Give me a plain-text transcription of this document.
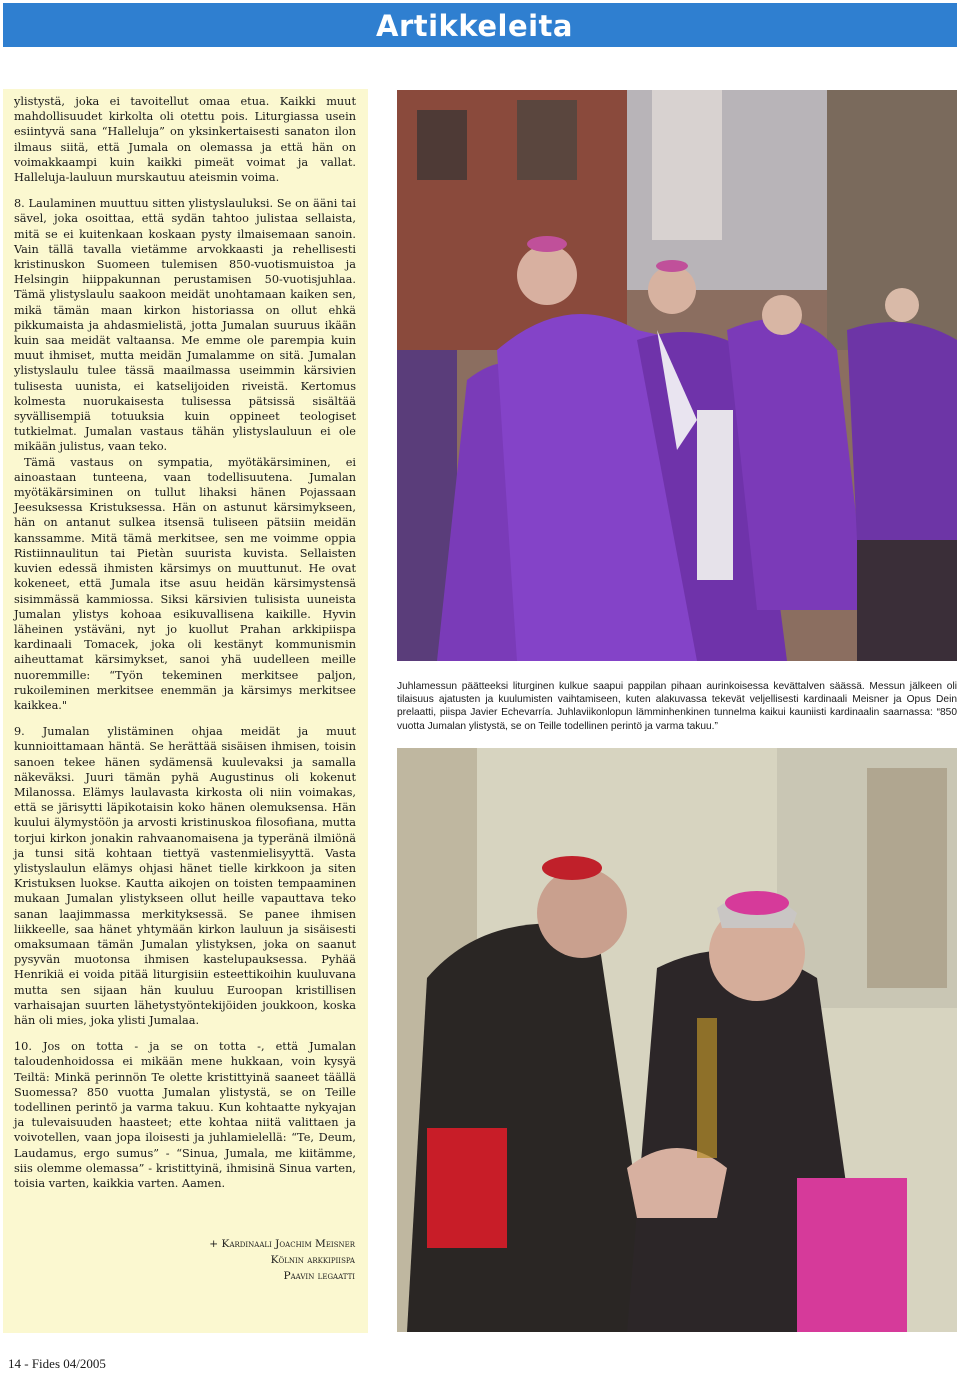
Artikkeleita

ylistystä, joka ei tavoitellut omaa etua. Kaikki muut mahdollisuudet kirkolta oli otettu pois. Liturgiassa usein esiintyvä sana “Halleluja” on yksinkertaisesti sanaton ilon ilmaus siitä, että Jumala on olemassa ja että hän on voimakkaampi kuin kaikki pimeät voimat ja vallat. Halleluja-lauluun murskautuu ateismin voima.

8. Laulaminen muuttuu sitten ylistyslauluksi. Se on ääni tai sävel, joka osoittaa, että sydän tahtoo julistaa sellaista, mitä se ei kuitenkaan koskaan pysty ilmaisemaan sanoin. Vain tällä tavalla vietämme arvokkaasti ja rehellisesti kristinuskon Suomeen tulemisen 850-vuotismuistoa ja Helsingin hiippakunnan perustamisen 50-vuotisjuhlaa. Tämä ylistyslaulu saakoon meidät unohtamaan kaiken sen, mikä tämän maan kirkon historiassa on ollut ehkä pikkumaista ja ahdasmielistä, jotta Jumalan suuruus ikään kuin saa meidät valtaansa. Me emme ole parempia kuin muut ihmiset, mutta meidän Jumalamme on sitä. Jumalan ylistyslaulu tulee tässä maailmassa useimmin kärsivien tulisesta uunista, ei katselijoiden riveistä. Kertomus kolmesta nuorukaisesta tulisessa pätsissä sisältää syvällisempiä totuuksia kuin oppineet teologiset tutkielmat. Jumalan vastaus tähän ylistyslauluun ei ole mikään julistus, vaan teko.

Tämä vastaus on sympatia, myötäkärsiminen, ei ainoastaan tunteena, vaan todellisuutena. Jumalan myötäkärsiminen on tullut lihaksi hänen Pojassaan Jeesuksessa Kristuksessa. Hän on astunut kärsimykseen, hän on antanut sulkea itsensä tuliseen pätsiin meidän kanssamme. Mitä tämä merkitsee, sen me voimme oppia Ristiinnaulitun tai Pietàn suurista kuvista. Sellaisten kuvien edessä ihmisten kärsimys on muuttunut. He ovat kokeneet, että Jumala itse asuu heidän kärsimystensä sisimmässä kammiossa. Siksi kärsivien tulisista uuneista Jumalan ylistys kohoaa esikuvallisena kaikille. Hyvin läheinen ystäväni, nyt jo kuollut Prahan arkkipiispa kardinaali Tomacek, joka oli kestänyt kommunismin aiheuttamat kärsimykset, sanoi yhä uudelleen meille nuoremmille: “Työn tekeminen merkitsee paljon, rukoileminen merkitsee enemmän ja kärsimys merkitsee kaikkea."

9. Jumalan ylistäminen ohjaa meidät ja muut kunnioittamaan häntä. Se herättää sisäisen ihmisen, toisin sanoen tekee hänen sydämensä kuulevaksi ja samalla näkeväksi. Juuri tämän pyhä Augustinus oli kokenut Milanossa. Elämys laulavasta kirkosta oli niin voimakas, että se järisytti läpikotaisin koko hänen olemuksensa. Hän kuului älymystöön ja arvosti kristinuskoa filosofiana, mutta torjui kirkon jonakin rahvaanomaisena ja typeränä ilmiönä ja tunsi sitä kohtaan tiettyä vastenmielisyyttä. Vasta ylistyslaulun elämys ohjasi hänet tielle kirkkoon ja siten Kristuksen luokse. Kautta aikojen on toisten tempaaminen mukaan Jumalan ylistykseen ollut heille vapauttava teko sanan laajimmassa merkityksessä. Se panee ihmisen liikkeelle, saa hänet yhtymään kirkon lauluun ja sisäisesti omaksumaan tämän Jumalan ylistyksen, joka on saanut pysyvän muotonsa ihmisen kastelupauksessa. Pyhää Henrikiä ei voida pitää liturgisiin esteettikoihin kuuluvana mutta sen sijaan hän kuuluu Euroopan kristillisen varhaisajan suurten lähetystyöntekijöiden joukkoon, koska hän oli mies, joka ylisti Jumalaa.

10. Jos on totta - ja se on totta -, että Jumalan taloudenhoidossa ei mikään mene hukkaan, voin kysyä Teiltä: Minkä perinnön Te olette kristittyinä saaneet täällä Suomessa? 850 vuotta Jumalan ylistystä, se on Teille todellinen perintö ja varma takuu. Kun kohtaatte nykyajan ja tulevaisuuden haasteet; ette kohtaa niitä valittaen ja voivotellen, vaan jopa iloisesti ja juhlamielellä: “Te, Deum, Laudamus, ergo sumus” - “Sinua, Jumala, me kiitämme, siis olemme olemassa” - kristittyinä, ihmisinä Sinua varten, toisia varten, kaikkia varten. Aamen.

+ Kardinaali Joachim Meisner
Kölnin arkkipiispa
Paavin legaatti
Juhlamessun päätteeksi liturginen kulkue saapui pappilan pihaan aurinkoisessa kevättalven säässä. Messun jälkeen oli tilaisuus ajatusten ja kuulumisten vaihtamiseen, kuten alakuvassa tekevät veljellisesti kardinaali Meisner ja Opus Dein prelaatti, piispa Javier Echevarría. Juhlaviikonlopun lämminhenkinen tunnelma kaikui kauniisti kardinaalin saarnassa: “850 vuotta Jumalan ylistystä, se on Teille todellinen perintö ja varma takuu.”
14 - Fides 04/2005
